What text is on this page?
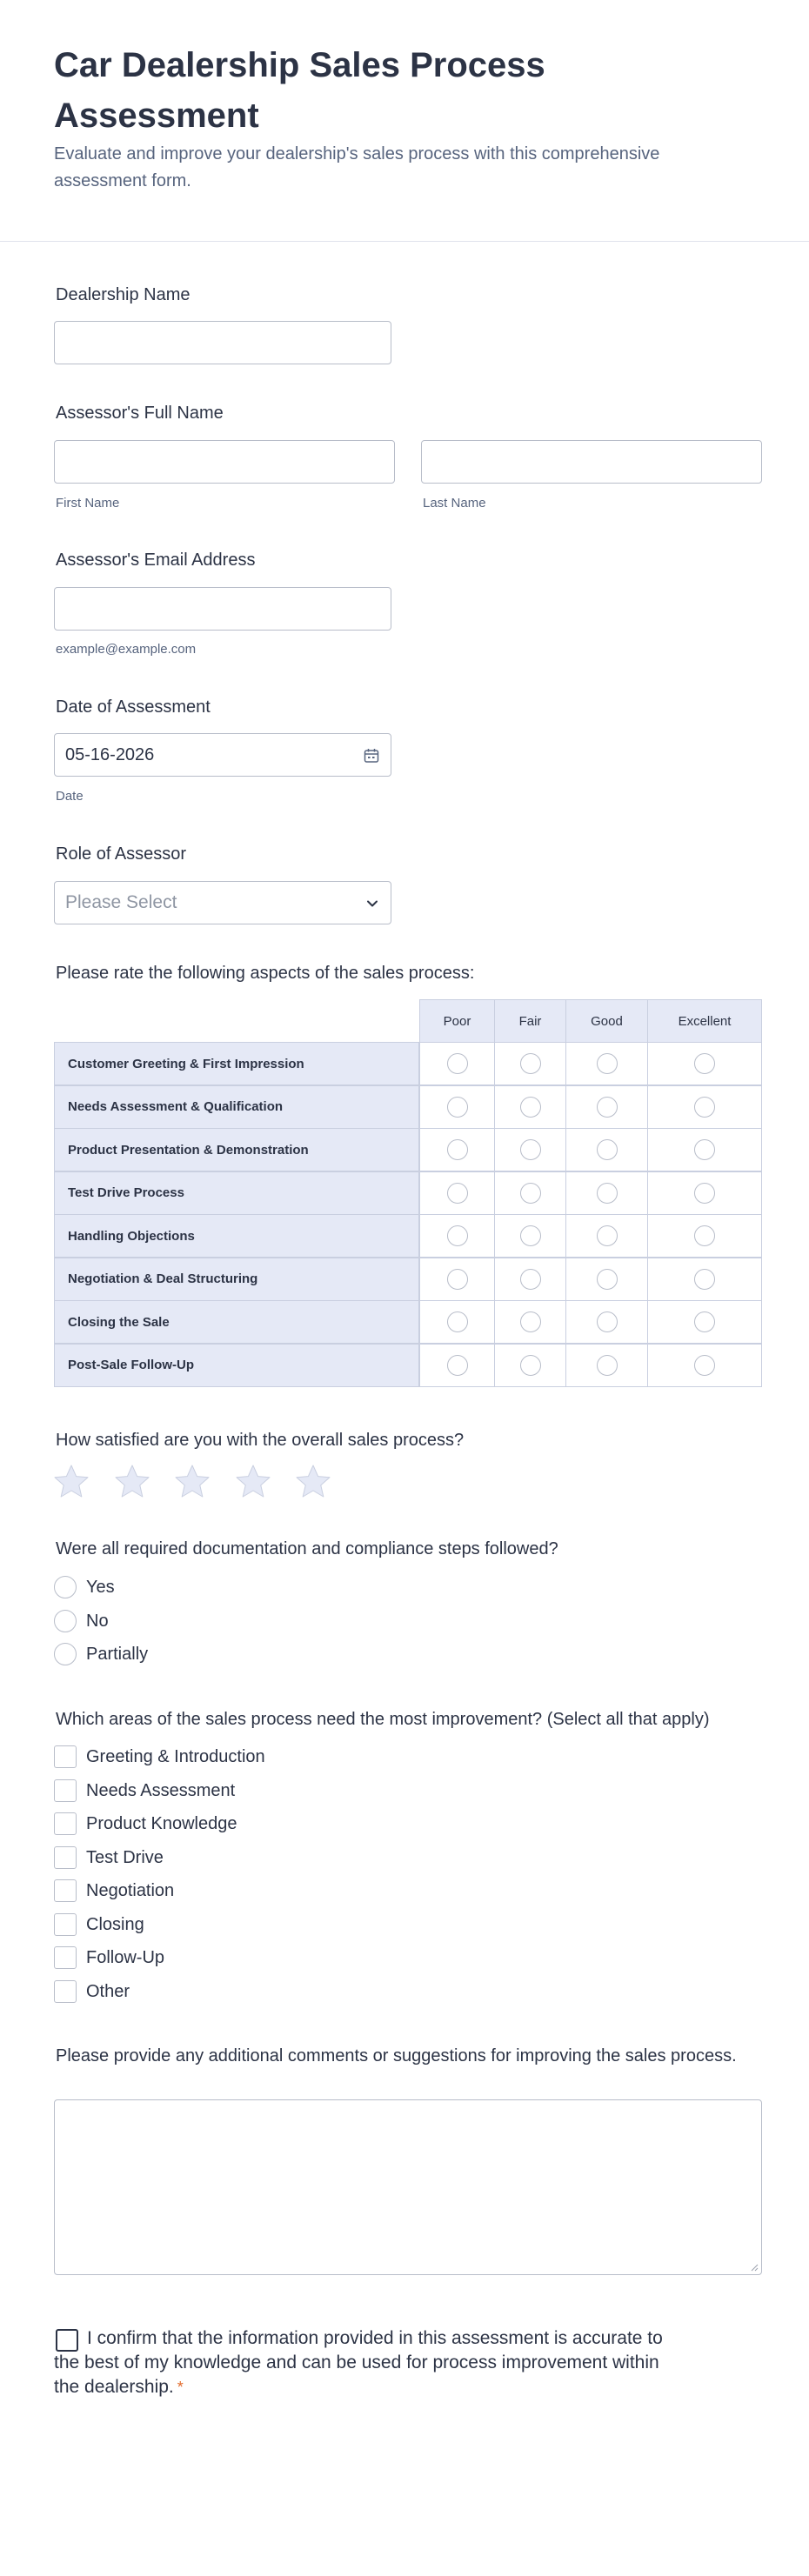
Car Dealership Sales Process Assessment

Evaluate and improve your dealership's sales process with this comprehensive assessment form.

Dealership Name
Assessor's Full Name
First Name	Last Name
Assessor's Email Address
example@example.com
Date of Assessment
05-16-2026
Date
Role of Assessor
Please Select
Please rate the following aspects of the sales process:
Poor	Fair	Good	Excellent
Customer Greeting & First Impression
Needs Assessment & Qualification
Product Presentation & Demonstration
Test Drive Process
Handling Objections
Negotiation & Deal Structuring
Closing the Sale
Post-Sale Follow-Up
How satisfied are you with the overall sales process?
Were all required documentation and compliance steps followed?
Yes
No
Partially
Which areas of the sales process need the most improvement? (Select all that apply)
Greeting & Introduction
Needs Assessment
Product Knowledge
Test Drive
Negotiation
Closing
Follow-Up
Other
Please provide any additional comments or suggestions for improving the sales process.
I confirm that the information provided in this assessment is accurate to the best of my knowledge and can be used for process improvement within the dealership. *
